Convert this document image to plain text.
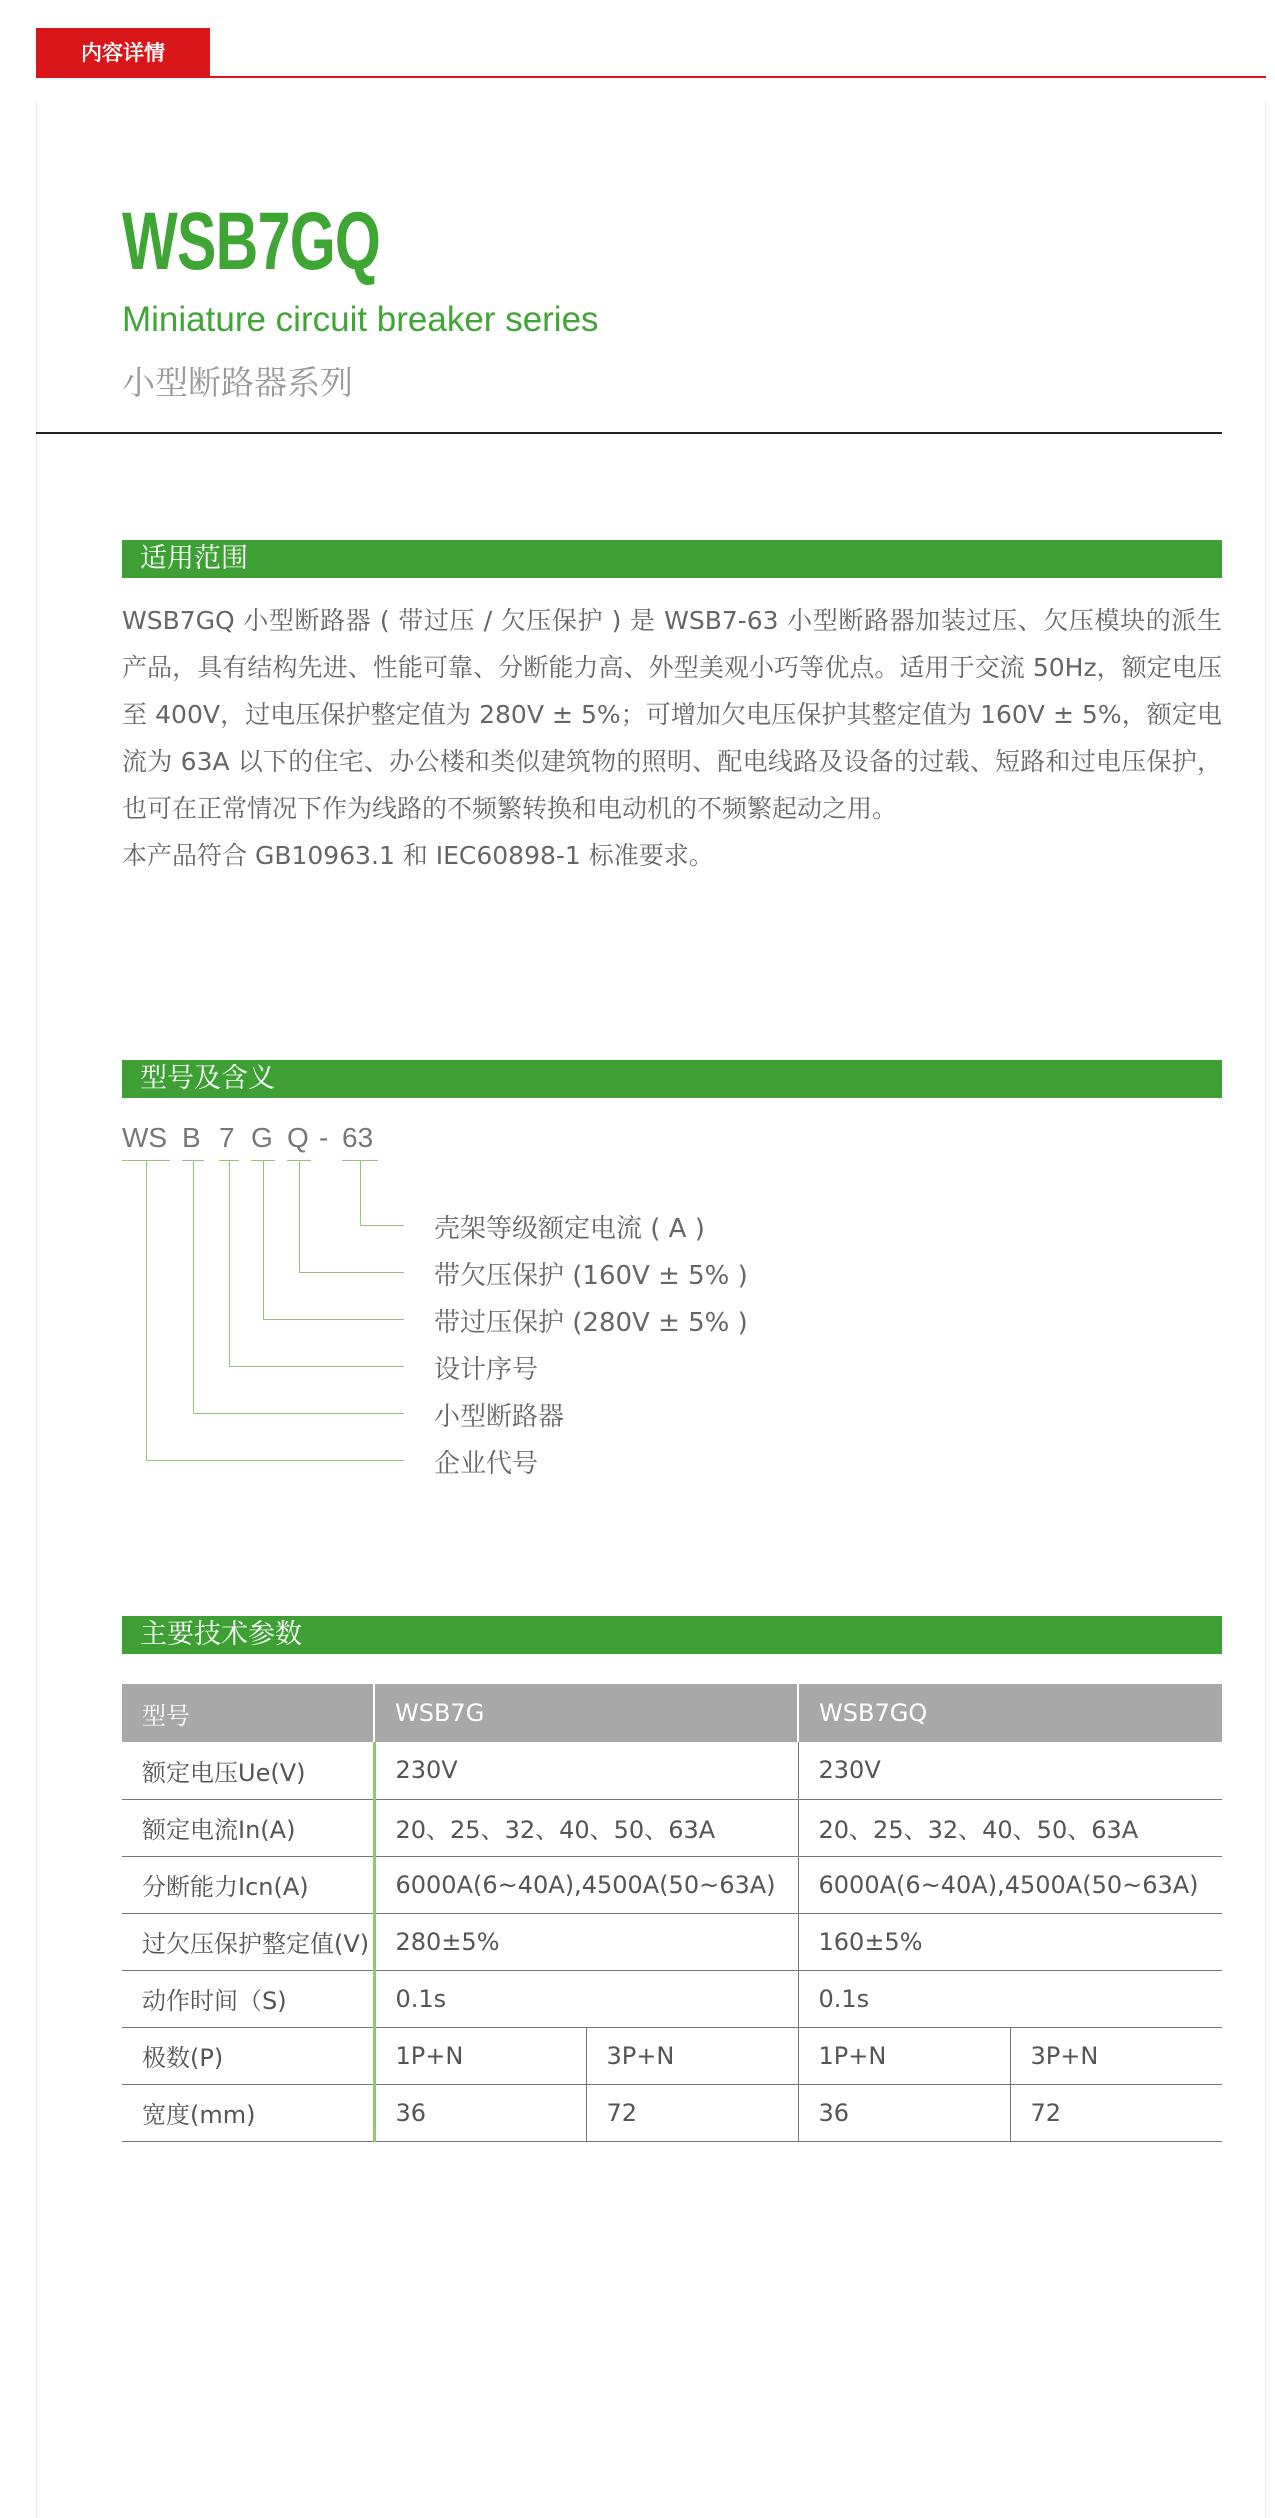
内容详情
WSB7GQ
Miniature circuit breaker series
小型断路器系列
适用范围

WSB7GQ 小型断路器 ( 带过压 / 欠压保护 ) 是 WSB7-63 小型断路器加装过压、欠压模块的派生产品，具有结构先进、性能可靠、分断能力高、外型美观小巧等优点。适用于交流 50Hz，额定电压至 400V，过电压保护整定值为 280V ± 5%；可增加欠电压保护其整定值为 160V ± 5%，额定电流为 63A 以下的住宅、办公楼和类似建筑物的照明、配电线路及设备的过载、短路和过电压保护，也可在正常情况下作为线路的不频繁转换和电动机的不频繁起动之用。

本产品符合 GB10963.1 和 IEC60898-1 标准要求。

型号及含义
WS B 7 G Q - 63
壳架等级额定电流 ( A )
带欠压保护 (160V ± 5% )
带过压保护 (280V ± 5% )
设计序号
小型断路器
企业代号
主要技术参数
型号	WSB7G		WSB7GQ	
额定电压Ue(V)	230V		230V	
额定电流In(A)	20、25、32、40、50、63A		20、25、32、40、50、63A	
分断能力Icn(A)	6000A(6~40A),4500A(50~63A)		6000A(6~40A),4500A(50~63A)	
过欠压保护整定值(V)	280±5%		160±5%	
动作时间（S)	0.1s		0.1s	
极数(P)	1P+N	3P+N	1P+N	3P+N
宽度(mm)	36	72	36	72
